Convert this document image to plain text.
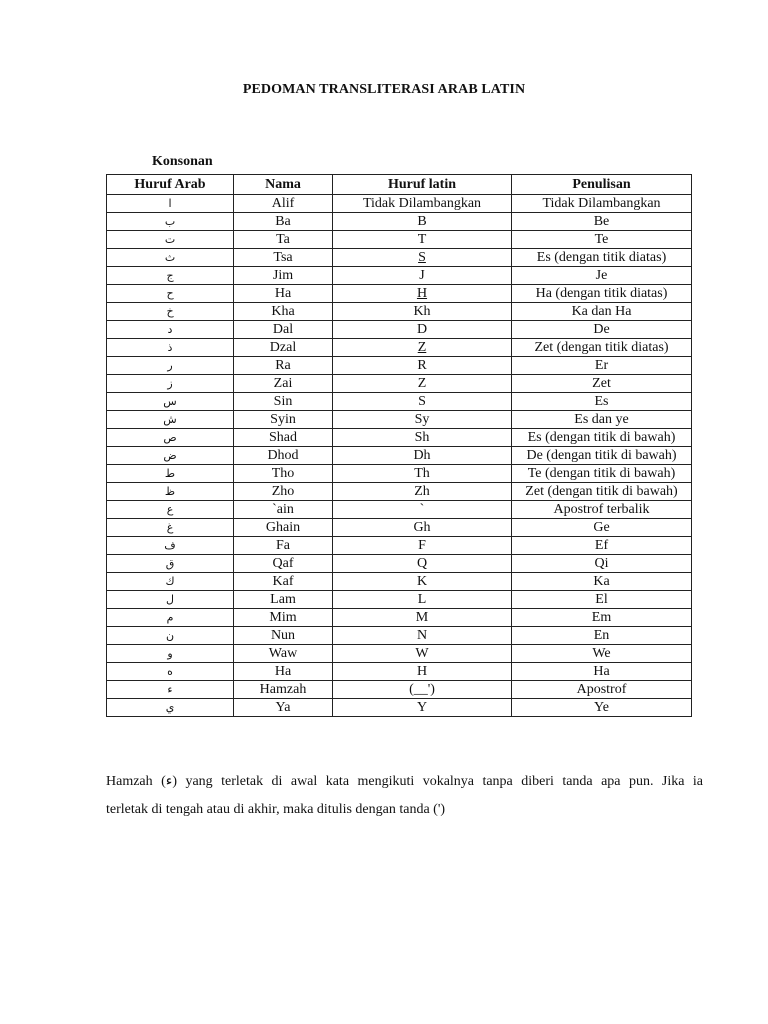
PEDOMAN TRANSLITERASI ARAB LATIN
Konsonan
Huruf Arab	Nama	Huruf latin	Penulisan
ا	Alif	Tidak Dilambangkan	Tidak Dilambangkan
ب	Ba	B	Be
ت	Ta	T	Te
ث	Tsa	S	Es (dengan titik diatas)
ج	Jim	J	Je
ح	Ha	H	Ha (dengan titik diatas)
خ	Kha	Kh	Ka dan Ha
د	Dal	D	De
ذ	Dzal	Z	Zet (dengan titik diatas)
ر	Ra	R	Er
ز	Zai	Z	Zet
س	Sin	S	Es
ش	Syin	Sy	Es dan ye
ص	Shad	Sh	Es (dengan titik di bawah)
ض	Dhod	Dh	De (dengan titik di bawah)
ط	Tho	Th	Te (dengan titik di bawah)
ظ	Zho	Zh	Zet (dengan titik di bawah)
ع	`ain	`	Apostrof terbalik
غ	Ghain	Gh	Ge
ف	Fa	F	Ef
ق	Qaf	Q	Qi
ك	Kaf	K	Ka
ل	Lam	L	El
م	Mim	M	Em
ن	Nun	N	En
و	Waw	W	We
ه	Ha	H	Ha
ء	Hamzah	(__')	Apostrof
ي	Ya	Y	Ye

Hamzah (ء) yang terletak di awal kata mengikuti vokalnya tanpa diberi tanda apa pun. Jika ia

terletak di tengah atau di akhir, maka ditulis dengan tanda (')
